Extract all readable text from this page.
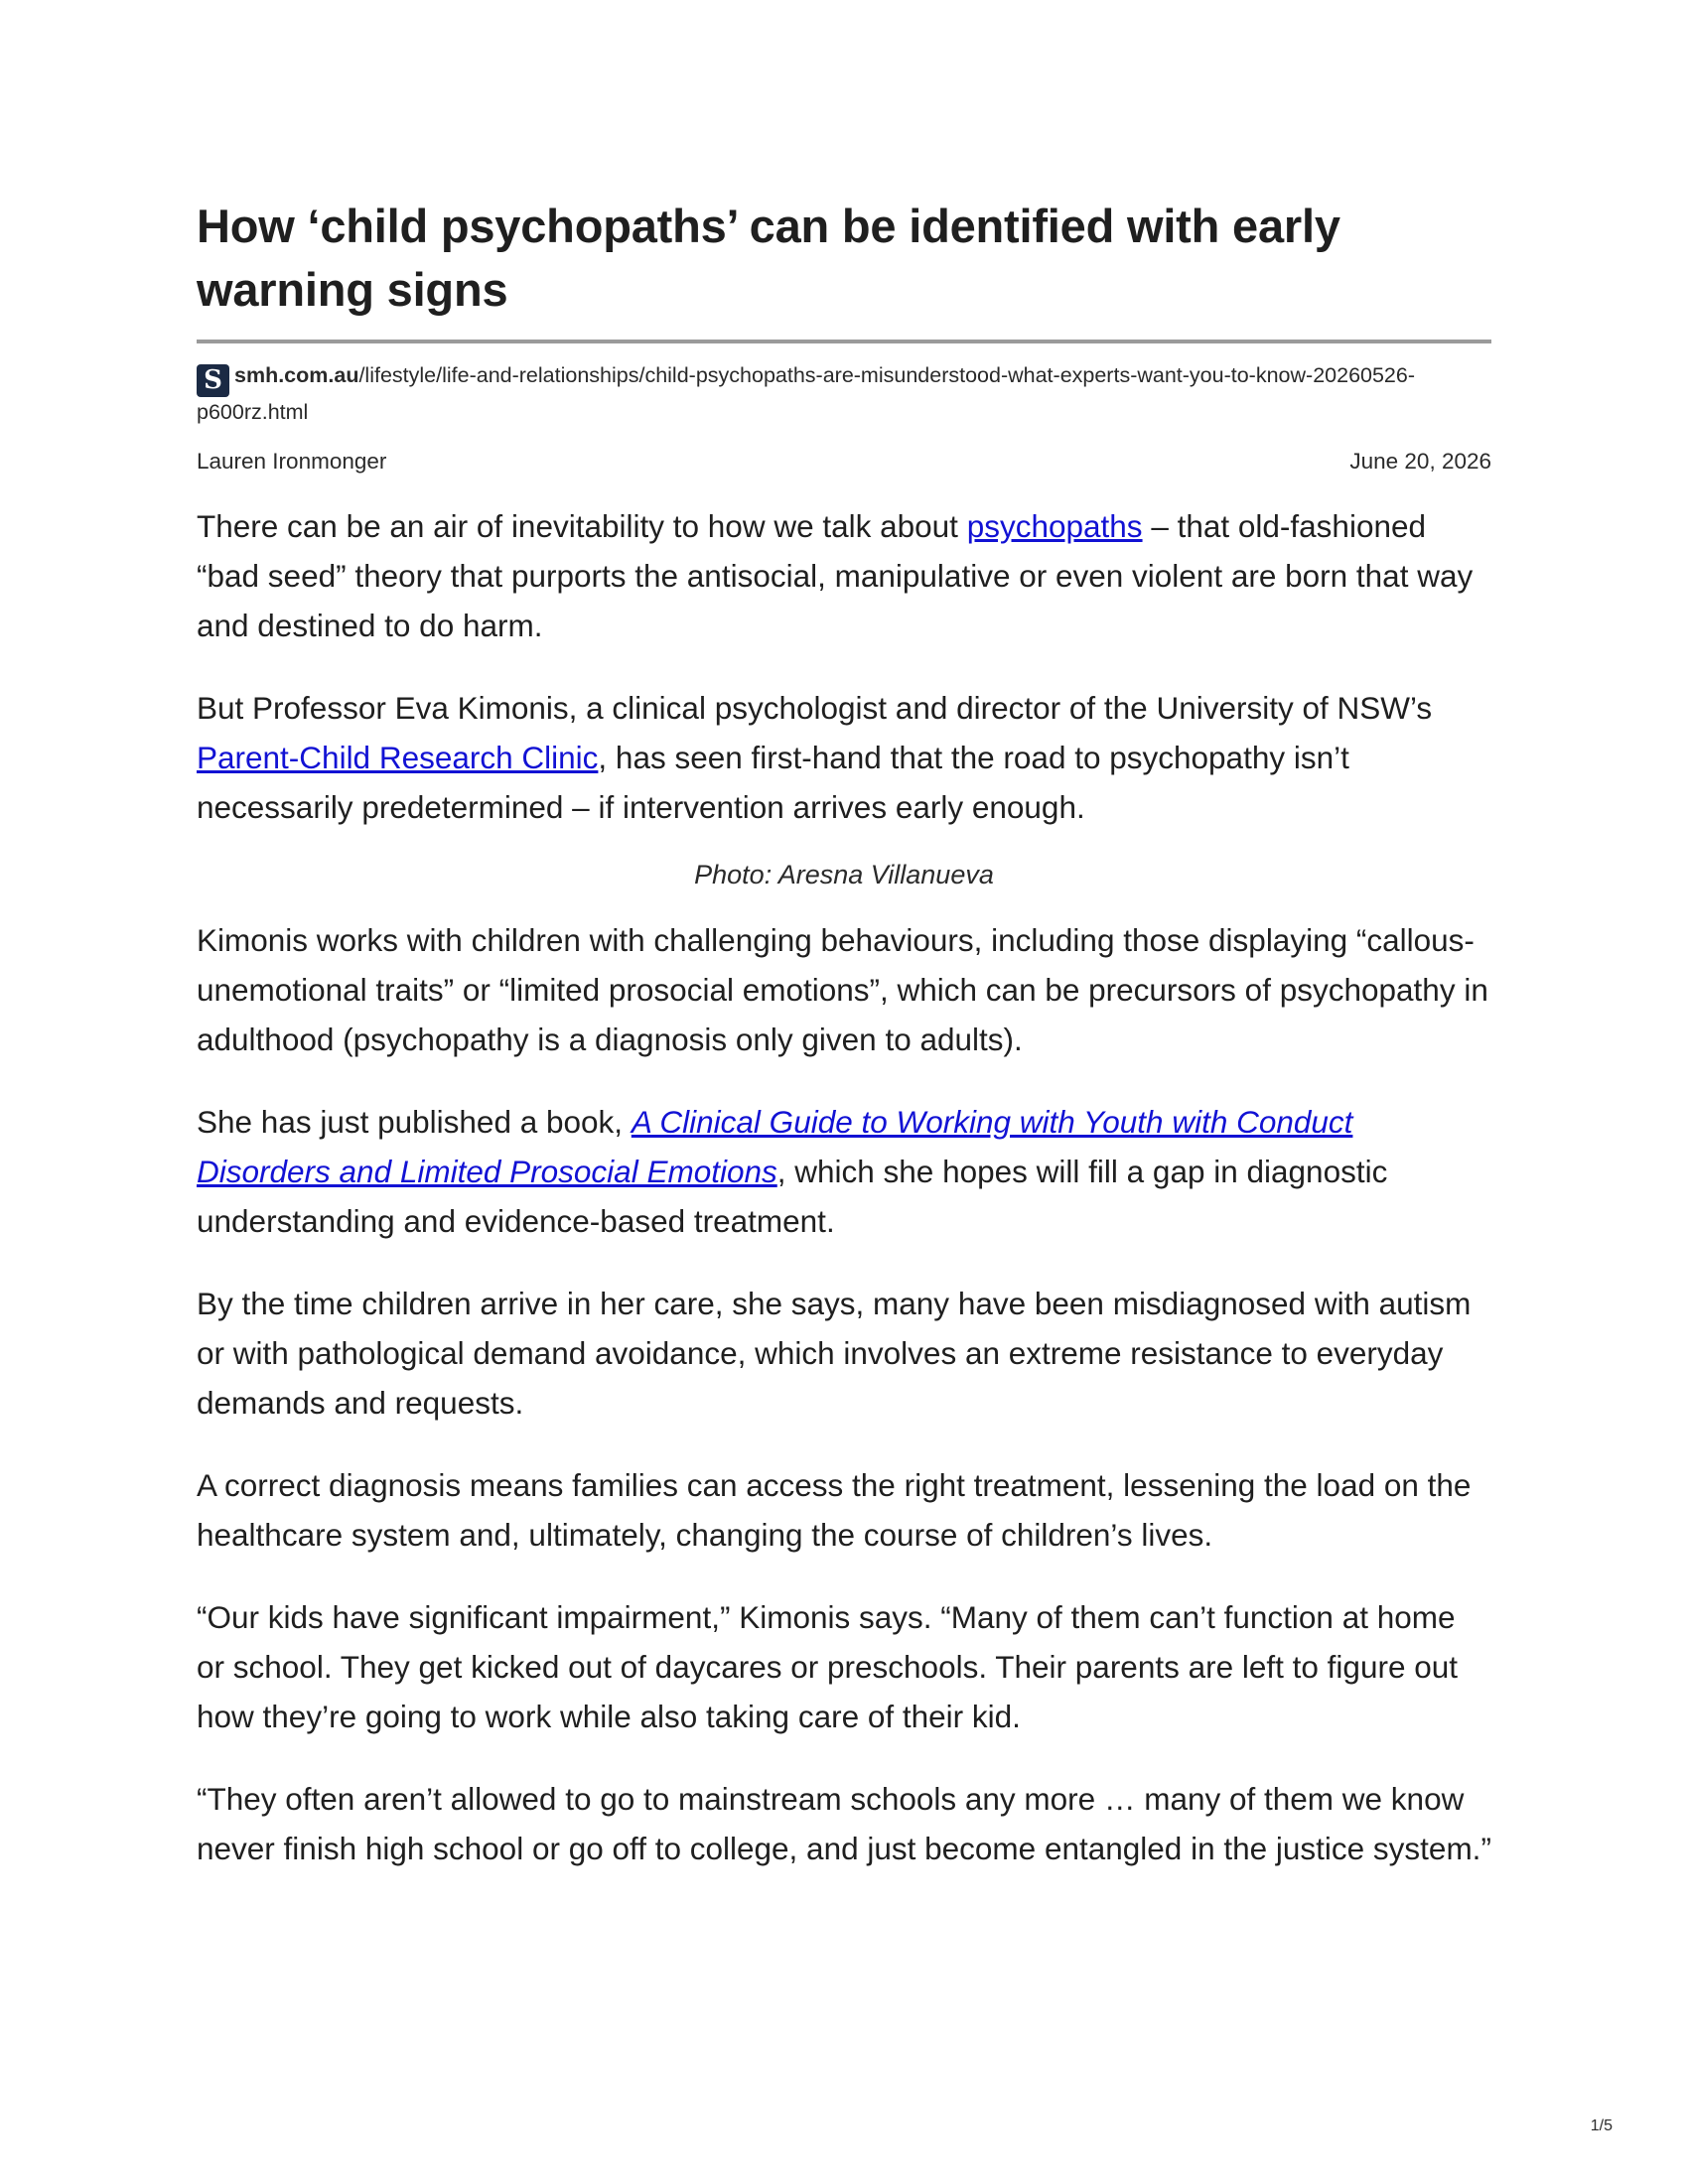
How ‘child psychopaths’ can be identified with early warning signs
S smh.com.au/lifestyle/life-and-relationships/child-psychopaths-are-misunderstood-what-experts-want-you-to-know-20260526-p600rz.html
Lauren Ironmonger	June 20, 2026

There can be an air of inevitability to how we talk about psychopaths – that old-fashioned “bad seed” theory that purports the antisocial, manipulative or even violent are born that way and destined to do harm.

But Professor Eva Kimonis, a clinical psychologist and director of the University of NSW’s Parent-Child Research Clinic, has seen first-hand that the road to psychopathy isn’t necessarily predetermined – if intervention arrives early enough.

Photo: Aresna Villanueva

Kimonis works with children with challenging behaviours, including those displaying “callous-unemotional traits” or “limited prosocial emotions”, which can be precursors of psychopathy in adulthood (psychopathy is a diagnosis only given to adults).

She has just published a book, A Clinical Guide to Working with Youth with Conduct Disorders and Limited Prosocial Emotions, which she hopes will fill a gap in diagnostic understanding and evidence-based treatment.

By the time children arrive in her care, she says, many have been misdiagnosed with autism or with pathological demand avoidance, which involves an extreme resistance to everyday demands and requests.

A correct diagnosis means families can access the right treatment, lessening the load on the healthcare system and, ultimately, changing the course of children’s lives.

“Our kids have significant impairment,” Kimonis says. “Many of them can’t function at home or school. They get kicked out of daycares or preschools. Their parents are left to figure out how they’re going to work while also taking care of their kid.

“They often aren’t allowed to go to mainstream schools any more … many of them we know never finish high school or go off to college, and just become entangled in the justice system.”

1/5
